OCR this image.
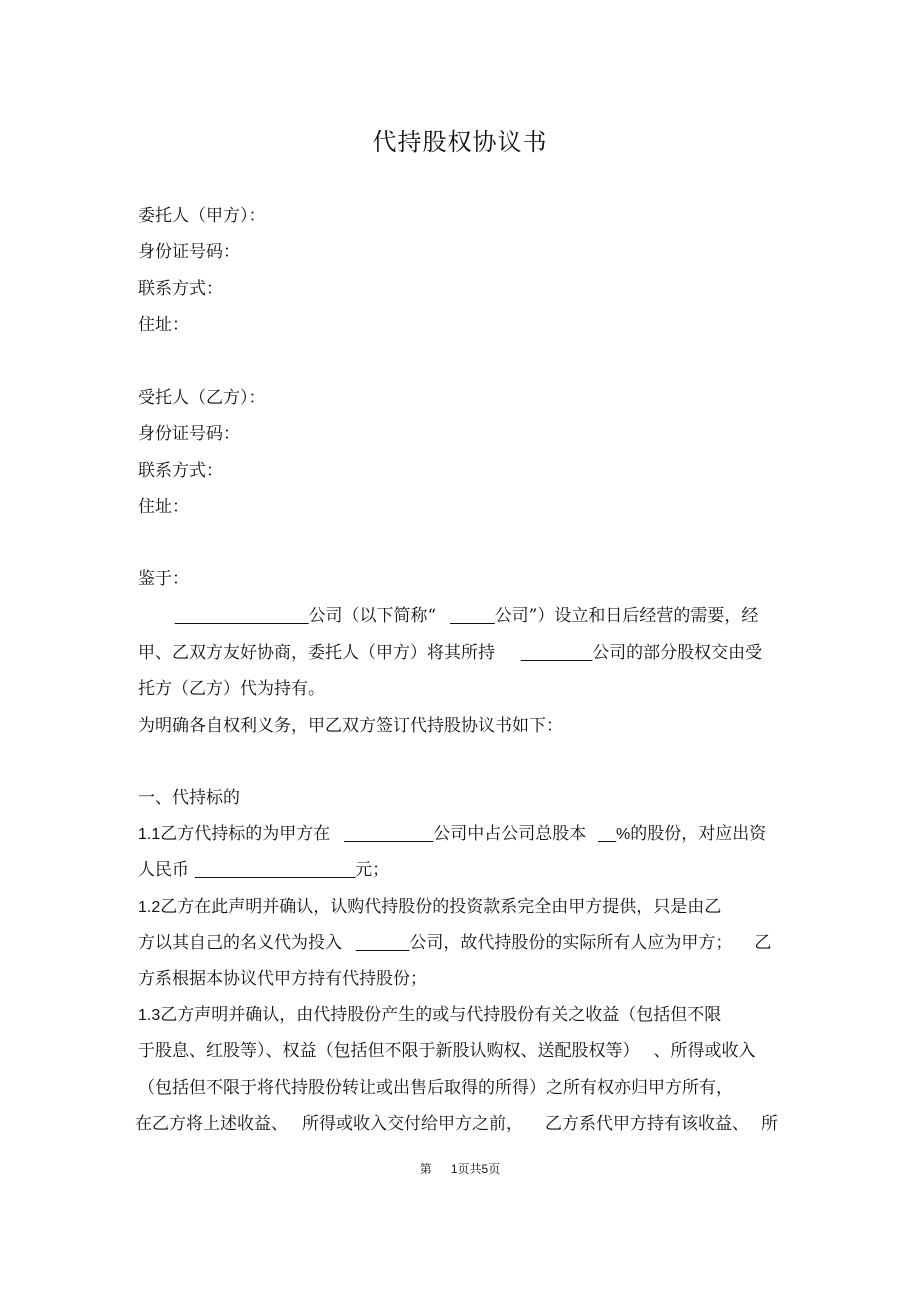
代持股权协议书
委托人（甲方）：
身份证号码：
联系方式：
住址：
受托人（乙方）：
身份证号码：
联系方式：
住址：
鉴于：
_______________公司（以下简称“ _____公司”）设立和日后经营的需要，经
甲、乙双方友好协商，委托人（甲方）将其所持 ________公司的部分股权交由受
托方（乙方）代为持有。
为明确各自权利义务，甲乙双方签订代持股协议书如下：
一、代持标的
1.1乙方代持标的为甲方在 __________公司中占公司总股本 __%的股份，对应出资
人民币 __________________元；
1.2乙方在此声明并确认，认购代持股份的投资款系完全由甲方提供，只是由乙
方以其自己的名义代为投入 ______公司，故代持股份的实际所有人应为甲方； 乙
方系根据本协议代甲方持有代持股份；
1.3乙方声明并确认，由代持股份产生的或与代持股份有关之收益（包括但不限
于股息、红股等）、权益（包括但不限于新股认购权、送配股权等） 、所得或收入
（包括但不限于将代持股份转让或出售后取得的所得）之所有权亦归甲方所有，
在乙方将上述收益、 所得或收入交付给甲方之前， 乙方系代甲方持有该收益、 所
第 1页共5页
